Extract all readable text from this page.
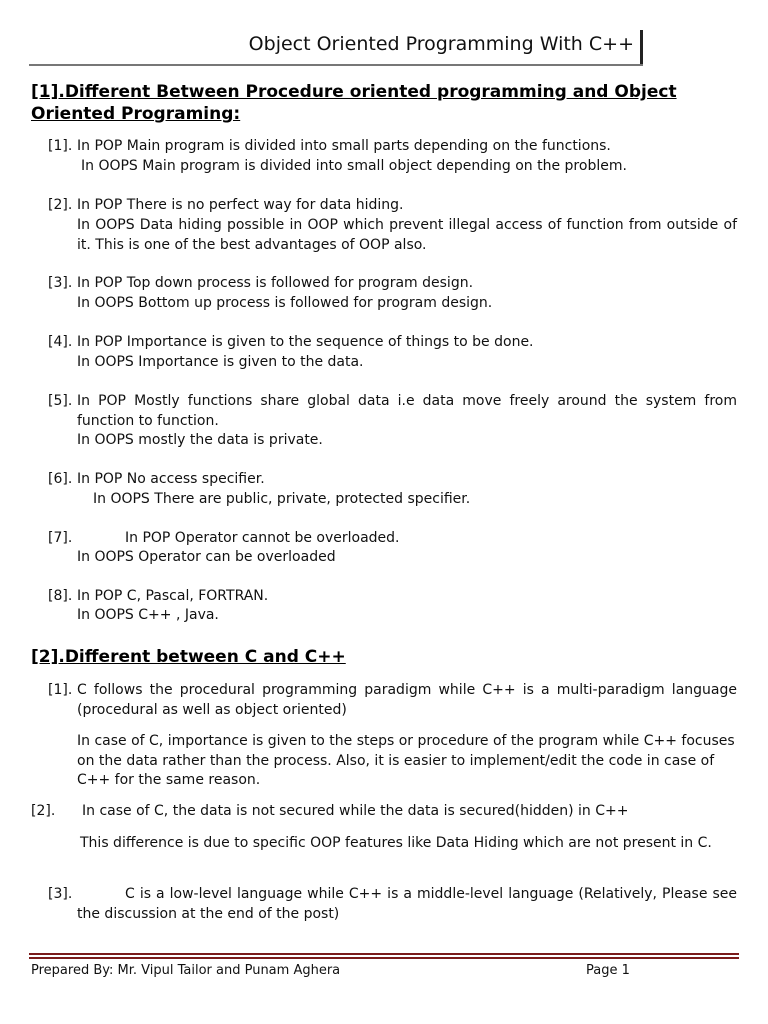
Object Oriented Programming With C++
[1].Different Between Procedure oriented programming and Object
Oriented Programing:
[1]. In POP Main program is divided into small parts depending on the functions.
In OOPS Main program is divided into small object depending on the problem.
[2]. In POP There is no perfect way for data hiding.
In OOPS Data hiding possible in OOP which prevent illegal access of function from outside of it. This is one of the best advantages of OOP also.
[3]. In POP Top down process is followed for program design.
In OOPS Bottom up process is followed for program design.
[4]. In POP Importance is given to the sequence of things to be done.
In OOPS Importance is given to the data.
[5]. In POP Mostly functions share global data i.e data move freely around the system from function to function.
In OOPS mostly the data is private.
[6]. In POP No access specifier.
In OOPS There are public, private, protected specifier.
[7].	In POP Operator cannot be overloaded.
In OOPS Operator can be overloaded
[8]. In POP C, Pascal, FORTRAN.
In OOPS C++ , Java.
[2].Different between C and C++
[1]. C follows the procedural programming paradigm while C++ is a multi-paradigm language (procedural as well as object oriented)
In case of C, importance is given to the steps or procedure of the program while C++ focuses on the data rather than the process. Also, it is easier to implement/edit the code in case of C++ for the same reason.
[2]. In case of C, the data is not secured while the data is secured(hidden) in C++
This difference is due to specific OOP features like Data Hiding which are not present in C.
[3].	C is a low-level language while C++ is a middle-level language (Relatively, Please see the discussion at the end of the post)
Prepared By: Mr. Vipul Tailor and Punam Aghera	Page 1
